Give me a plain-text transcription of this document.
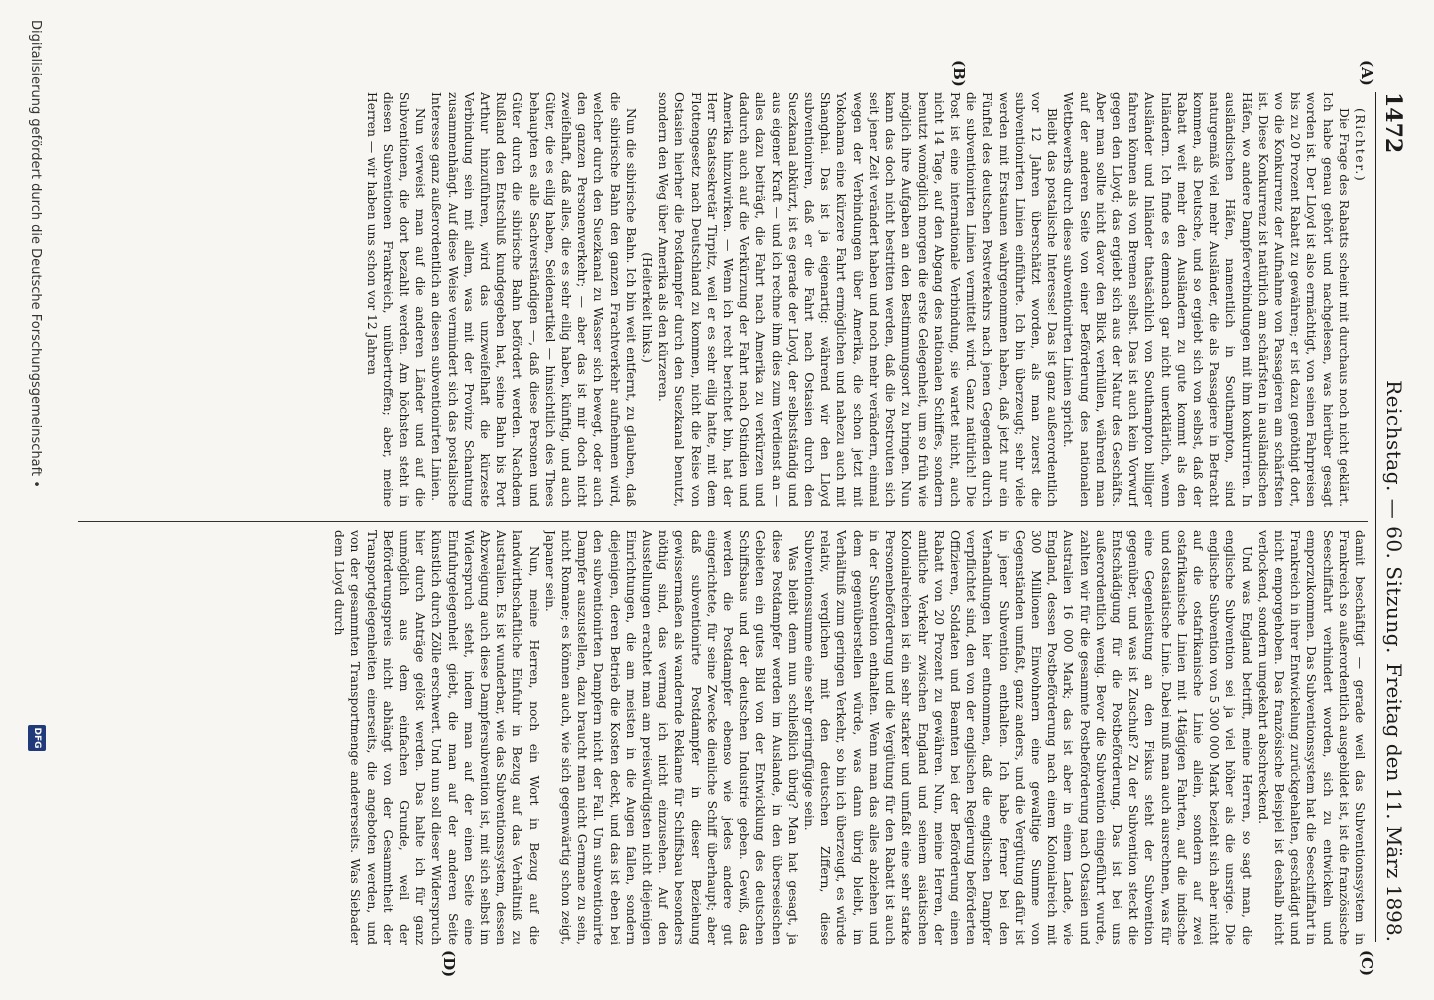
1472
Reichstag. — 60. Sitzung.
Freitag den 11. März 1898.
(A)
(B)
(C)
(D)

(Richter.)

Die Frage des Rabatts scheint mit durchaus noch nicht geklärt. Ich habe genau gehört und nachgelesen, was hierüber gesagt worden ist. Der Lloyd ist also ermächtigt, von seinen Fahrpreisen bis zu 20 Prozent Rabatt zu gewähren; er ist dazu genöthigt dort, wo die Konkurrenz der Aufnahme von Passagieren am schärfsten ist. Diese Konkurrenz ist natürlich am schärfsten in ausländischen Häfen, wo andere Dampferverbindungen mit ihm konkurriren. In ausländischen Häfen, namentlich in Southampton, sind naturgemäß viel mehr Ausländer, die als Passagiere in Betracht kommen, als Deutsche, und so ergiebt sich von selbst, daß der Rabatt weit mehr den Ausländern zu gute kommt als den Inländern. Ich finde es demnach gar nicht unerklärlich, wenn Ausländer und Inländer thatsächlich von Southampton billiger fahren können als von Bremen selbst. Das ist auch kein Vorwurf gegen den Lloyd; das ergiebt sich aus der Natur des Geschäfts. Aber man sollte nicht davor den Blick verhüllen, während man auf der anderen Seite von einer Beförderung des nationalen Wettbewerbs durch diese subventionirten Linien spricht.

Bleibt das postalische Interesse! Das ist ganz außerordentlich vor 12 Jahren überschätzt worden, als man zuerst die subventionirten Linien einführte. Ich bin überzeugt; sehr viele werden mit Erstaunen wahrgenommen haben, daß jetzt nur ein Fünftel des deutschen Postverkehrs nach jenen Gegenden durch die subventionirten Linien vermittelt wird. Ganz natürlich! Die Post ist eine internationale Verbindung, sie wartet nicht, auch nicht 14 Tage, auf den Abgang des nationalen Schiffes, sondern benutzt womöglich morgen die erste Gelegenheit, um so früh wie möglich ihre Aufgaben an den Bestimmungsort zu bringen. Nun kann das doch nicht bestritten werden, daß die Postrouten sich seit jener Zeit verändert haben und noch mehr verändern, einmal wegen der Verbindungen über Amerika, die schon jetzt mit Yokohama eine kürzere Fahrt ermöglichen und nahezu auch mit Shanghai. Das ist ja eigenartig: während wir den Lloyd subventioniren, daß er die Fahrt nach Ostasien durch den Suezkanal abkürzt, ist es gerade der Lloyd, der selbstständig und aus eigener Kraft — und ich rechne ihm dies zum Verdienst an — alles dazu beiträgt, die Fahrt nach Amerika zu verkürzen und dadurch auch auf die Verkürzung der Fahrt nach Ostindien und Amerika hinzuwirken. — Wenn ich recht berichtet bin, hat der Herr Staatssekretär Tirpitz, weil er es sehr eilig hatte, mit dem Flottengesetz nach Deutschland zu kommen, nicht die Reise von Ostasien hierher die Postdampfer durch den Suezkanal benutzt, sondern den Weg über Amerika als den kürzeren.

(Heiterkeit links.)

Nun die sibirische Bahn. Ich bin weit entfernt, zu glauben, daß die sibirische Bahn den ganzen Frachtverkehr aufnehmen wird, welcher durch den Suezkanal zu Wasser sich bewegt, oder auch den ganzen Personenverkehr; — aber das ist mir doch nicht zweifelhaft, daß alles, die es sehr eilig haben, künftig, und auch Güter, die es eilig haben, Seidenartikel — hinsichtlich des Thees behaupten es alle Sachverständigen —, daß diese Personen und Güter durch die sibirische Bahn befördert werden. Nachdem Rußland den Entschluß kundgegeben hat, seine Bahn bis Port Arthur hinzuführen, wird das unzweifelhaft die kürzeste Verbindung sein mit allem, was mit der Provinz Schantung zusammenhängt. Auf diese Weise vermindert sich das postalische Interesse ganz außerordentlich an diesen subventionirten Linien.

Nun verweist man auf die anderen Länder und auf die Subventionen, die dort bezahlt werden. Am höchsten steht in diesen Subventionen Frankreich, unübertroffen; aber, meine Herren — wir haben uns schon vor 12 Jahren

damit beschäftigt — gerade weil das Subventionssystem in Frankreich so außerordentlich ausgebildet ist, ist die französische Seeschiffahrt verhindert worden, sich zu entwickeln und emporzukommen. Das Subventionssystem hat die Seeschiffahrt in Frankreich in ihrer Entwickelung zurückgehalten, geschädigt und nicht emporgehoben. Das französische Beispiel ist deshalb nicht verlockend, sondern umgekehrt abschreckend.

Und was England betrifft, meine Herren, so sagt man, die englische Subvention sei ja viel höher als die unsrige. Die englische Subvention von 5 300 000 Mark bezieht sich aber nicht auf die ostafrikanische Linie allein, sondern auf zwei ostafrikanische Linien mit 14tägigen Fahrten, auf die indische und ostasiatische Linie. Dabei muß man auch ausrechnen, was für eine Gegenleistung an den Fiskus steht der Subvention gegenüber, und was ist Zuschuß? Zu der Subvention steckt die Entschädigung für die Postbeförderung. Das ist bei uns außerordentlich wenig. Bevor die Subvention eingeführt wurde, zahlten wir für die gesammte Postbeförderung nach Ostasien und Australien 16 000 Mark; das ist aber in einem Lande, wie England, dessen Postbeförderung nach einem Kolonialreich mit 300 Millionen Einwohnern eine gewaltige Summe von Gegenständen umfaßt, ganz anders, und die Vergütung dafür ist in jener Subvention enthalten. Ich habe ferner bei den Verhandlungen hier entnommen, daß die englischen Dampfer verpflichtet sind, den von der englischen Regierung beförderten Offizieren, Soldaten und Beamten bei der Beförderung einen Rabatt von 20 Prozent zu gewähren. Nun, meine Herren, der amtliche Verkehr zwischen England und seinem asiatischen Kolonialreichen ist ein sehr starker und umfaßt eine sehr starke Personenbeförderung und die Vergütung für den Rabatt ist auch in der Subvention enthalten. Wenn man das alles abziehen und dem gegenüberstellen würde, was dann übrig bleibt, im Verhältniß zum geringen Verkehr, so bin ich überzeugt, es würde relativ, verglichen mit den deutschen Ziffern, diese Subventionssumme eine sehr geringfügige sein.

Was bleibt denn nun schließlich übrig? Man hat gesagt, ja diese Postdampfer werden im Auslande, in den überseeischen Gebieten ein gutes Bild von der Entwicklung des deutschen Schiffsbaus und der deutschen Industrie geben. Gewiß, das werden die Postdampfer ebenso wie jedes andere gut eingerichtete, für seine Zwecke dienliche Schiff überhaupt; aber daß subventionirte Postdampfer in dieser Beziehung gewissermaßen als wandernde Reklame für Schiffsbau besonders nöthig sind, das vermag ich nicht einzusehen. Auf den Ausstellungen erachtet man am preiswürdigsten nicht diejenigen Einrichtungen, die am meisten in die Augen fallen, sondern diejenigen, deren Betrieb die Kosten deckt, und das ist eben bei den subventionirten Dampfern nicht der Fall. Um subventionirte Dampfer auszustellen, dazu braucht man nicht Germane zu sein, nicht Romane; es können auch, wie sich gegenwärtig schon zeigt, Japaner sein.

Nun, meine Herren, noch ein Wort in Bezug auf die landwirthschaftliche Einfuhr in Bezug auf das Verhältniß zu Australien. Es ist wunderbar, wie das Subventionssystem, dessen Abzweigung auch diese Dampfersubvention ist, mit sich selbst im Widerspruch steht, indem man auf der einen Seite eine Einfuhrgelegenheit giebt, die man auf der anderen Seite künstlich durch Zölle erschwert. Und nun soll dieser Widerspruch hier durch Anträge gelöst werden. Das halte ich für ganz unmöglich aus dem einfachen Grunde, weil der Beförderungspreis nicht abhängt von der Gesammtheit der Transportgelegenheiten einerseits, die angeboten werden, und von der gesammten Transportmenge andererseits. Was Siebader dem Lloyd durch

Digitalisierung gefördert durch die Deutsche Forschungsgemeinschaft •
DFG
